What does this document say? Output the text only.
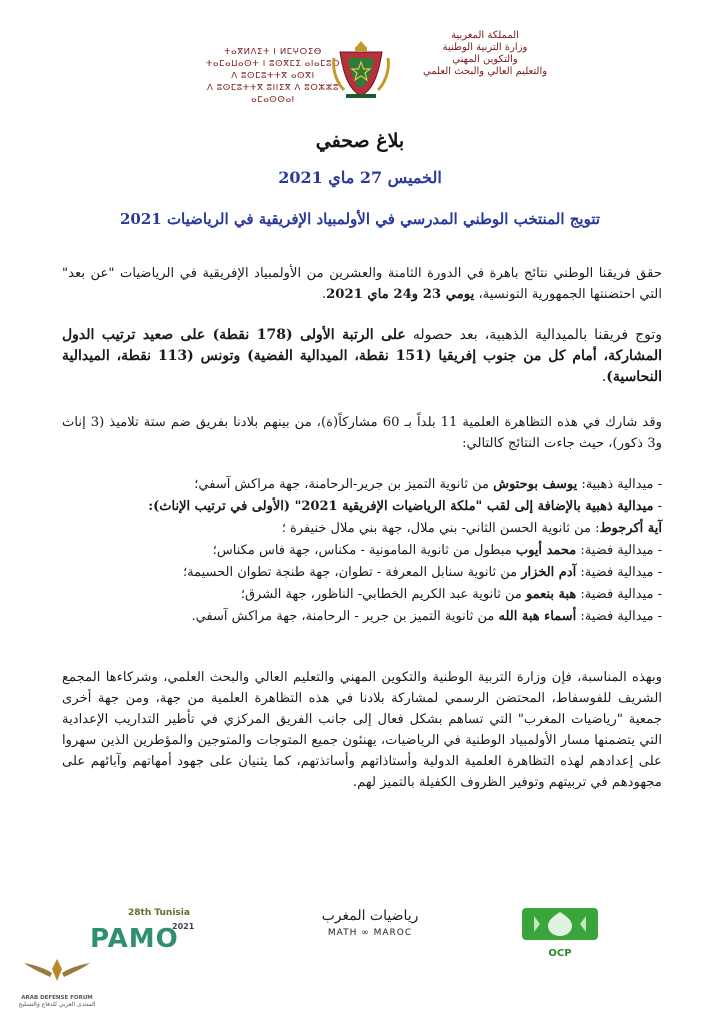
المملكة المغربية
وزارة التربية الوطنية
والتكوين المهني
والتعليم العالي والبحث العلمي
ⵜⴰⴳⵍⴷⵉⵜ ⵏ ⵍⵎⵖⵔⵉⴱ
ⵜⴰⵎⴰⵡⴰⵙⵜ ⵏ ⵓⵙⴳⵎⵉ ⴰⵏⴰⵎⵓⵔ
ⴷ ⵓⵙⵎⵓⵜⵜⴳ ⴰⵙⴳⵏ
ⴷ ⵓⵙⵎⵓⵜⵜⴳ ⵓⵏⵏⵉⴳ ⴷ ⵓⵔⵣⵣⵓ ⴰⵎⴰⵙⵙⴰⵏ
بلاغ صحفي
الخميس 27 ماي 2021
تتويج المنتخب الوطني المدرسي في الأولمبياد الإفريقية في الرياضيات 2021
حقق فريقنا الوطني نتائج باهرة في الدورة الثامنة والعشرين من الأولمبياد الإفريقية في الرياضيات "عن بعد" التي احتضنتها الجمهورية التونسية، يومي 23 و24 ماي 2021.
وتوج فريقنا بالميدالية الذهبية، بعد حصوله على الرتبة الأولى (178 نقطة) على صعيد ترتيب الدول المشاركة، أمام كل من جنوب إفريقيا (151 نقطة، الميدالية الفضية) وتونس (113 نقطة، الميدالية النحاسية).
وقد شارك في هذه التظاهرة العلمية 11 بلداً بـ 60 مشاركاً(ة)، من بينهم بلادنا بفريق ضم ستة تلاميذ (3 إناث و3 ذكور)، حيث جاءت النتائج كالتالي:
- ميدالية ذهبية: يوسف بوحتوش من ثانوية التميز بن جرير-الرحامنة، جهة مراكش آسفي؛
- ميدالية ذهبية بالإضافة إلى لقب "ملكة الرياضيات الإفريقية 2021" (الأولى في ترتيب الإناث):
آية أكرجوط: من ثانوية الحسن الثاني- بني ملال، جهة بني ملال خنيفرة ؛
- ميدالية فضية: محمد أيوب مبطول من ثانوية المامونية - مكناس، جهة فاس مكناس؛
- ميدالية فضية: آدم الخزار من ثانوية سنابل المعرفة - تطوان، جهة طنجة تطوان الحسيمة؛
- ميدالية فضية: هبة بنعمو من ثانوية عبد الكريم الخطابي- الناظور، جهة الشرق؛
- ميدالية فضية: أسماء هبة الله من ثانوية التميز بن جرير - الرحامنة، جهة مراكش آسفي.
وبهذه المناسبة، فإن وزارة التربية الوطنية والتكوين المهني والتعليم العالي والبحث العلمي، وشركاءها المجمع الشريف للفوسفاط، المحتضن الرسمي لمشاركة بلادنا في هذه التظاهرة العلمية من جهة، ومن جهة أخرى جمعية "رياضيات المغرب" التي تساهم بشكل فعال إلى جانب الفريق المركزي في تأطير التداريب الإعدادية التي يتضمنها مسار الأولمبياد الوطنية في الرياضيات، يهنئون جميع المتوجات والمتوجين والمؤطرين الذين سهروا على إعدادهم لهذه التظاهرة العلمية الدولية وأستاذاتهم وأساتذتهم، كما يثنيان على جهود أمهاتهم وآبائهم على مجهودهم في تربيتهم وتوفير الظروف الكفيلة بالتميز لهم.
28th Tunisia
PAMO
2021
رياضيات المغرب
MATH ∞ MAROC
OCP
ARAB DEFENSE FORUM
المنتدى العربي للدفاع والتسليح
